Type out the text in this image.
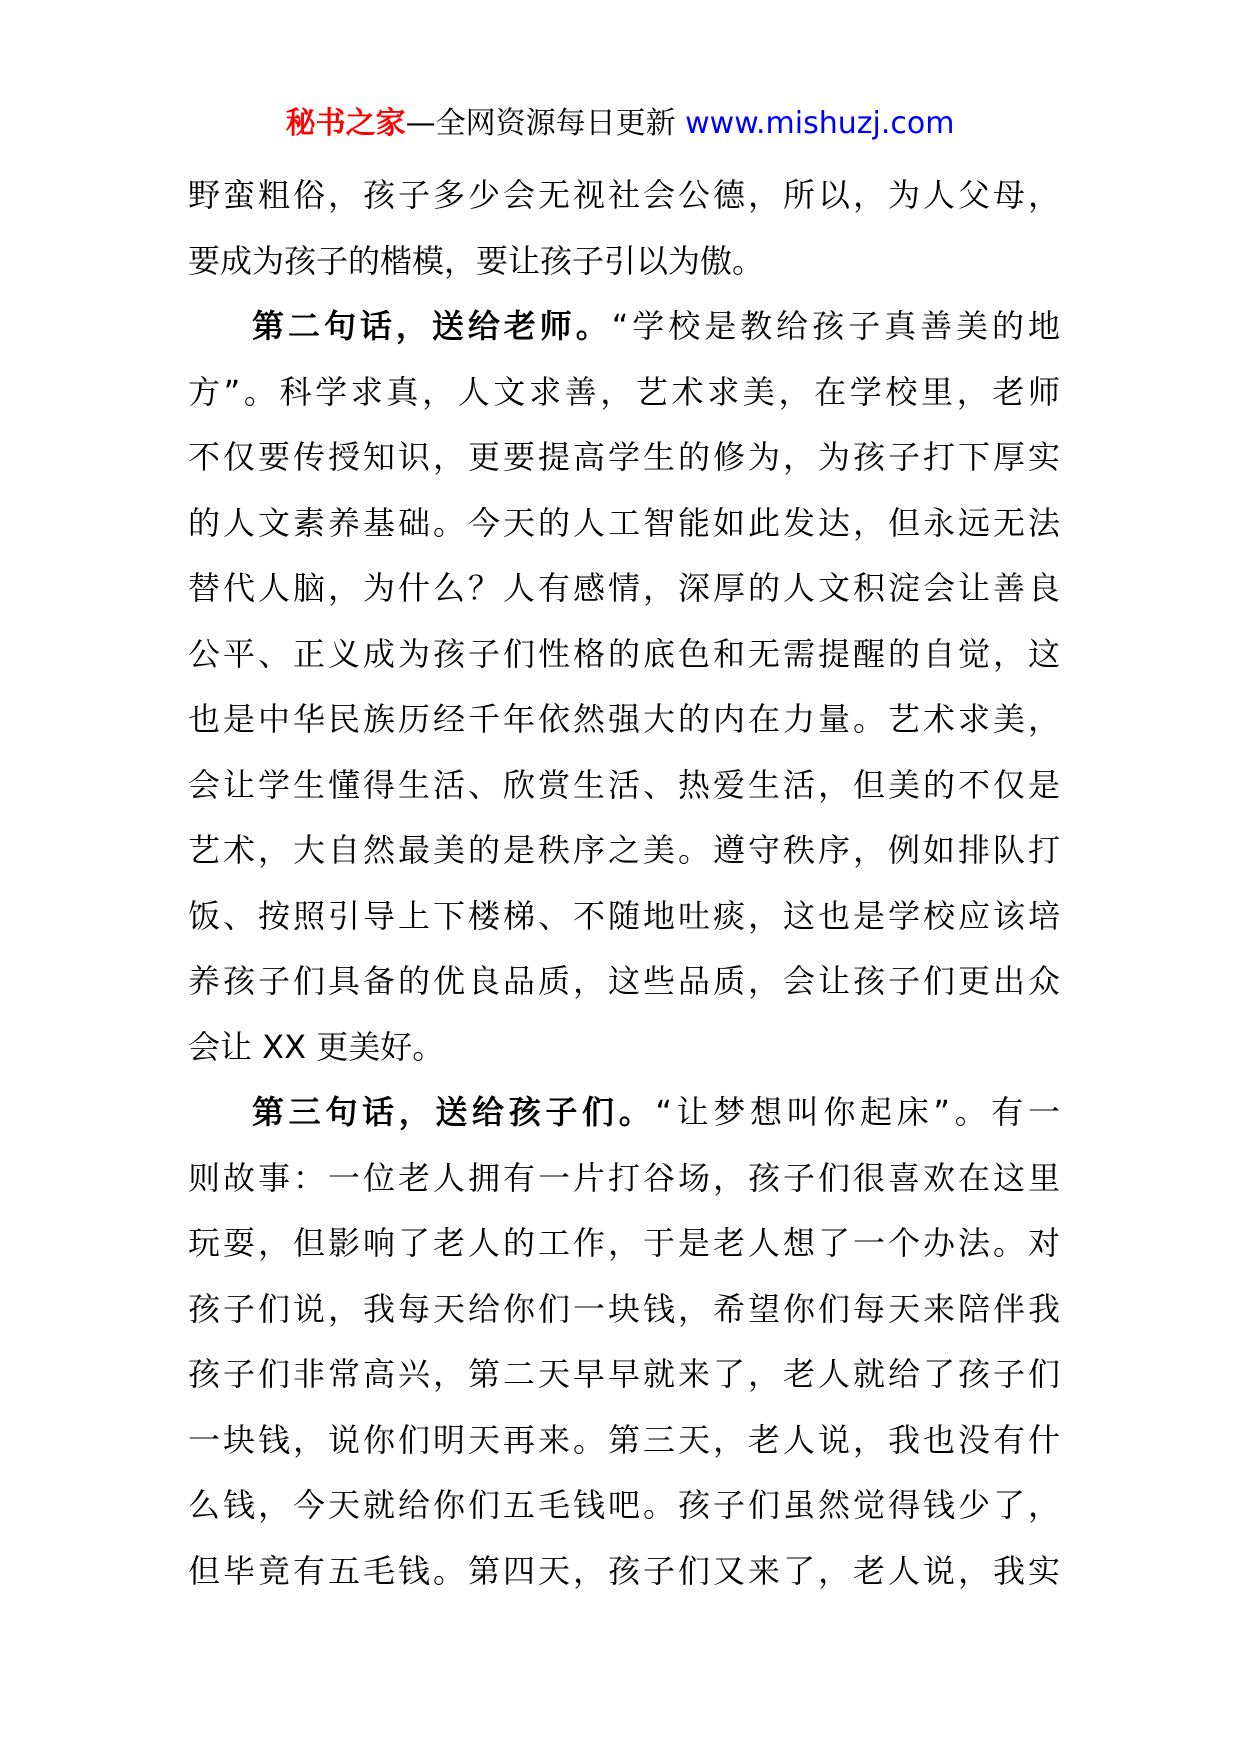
秘书之家—全网资源每日更新 www.mishuzj.com
野蛮粗俗，孩子多少会无视社会公德，所以，为人父母，
要成为孩子的楷模，要让孩子引以为傲。
第二句话，送给老师。“学校是教给孩子真善美的地
方”。科学求真，人文求善，艺术求美，在学校里，老师
不仅要传授知识，更要提高学生的修为，为孩子打下厚实
的人文素养基础。今天的人工智能如此发达，但永远无法
替代人脑，为什么？人有感情，深厚的人文积淀会让善良
公平、正义成为孩子们性格的底色和无需提醒的自觉，这
也是中华民族历经千年依然强大的内在力量。艺术求美，
会让学生懂得生活、欣赏生活、热爱生活，但美的不仅是
艺术，大自然最美的是秩序之美。遵守秩序，例如排队打
饭、按照引导上下楼梯、不随地吐痰，这也是学校应该培
养孩子们具备的优良品质，这些品质，会让孩子们更出众
会让 XX 更美好。
第三句话，送给孩子们。“让梦想叫你起床”。有一
则故事：一位老人拥有一片打谷场，孩子们很喜欢在这里
玩耍，但影响了老人的工作，于是老人想了一个办法。对
孩子们说，我每天给你们一块钱，希望你们每天来陪伴我
孩子们非常高兴，第二天早早就来了，老人就给了孩子们
一块钱，说你们明天再来。第三天，老人说，我也没有什
么钱，今天就给你们五毛钱吧。孩子们虽然觉得钱少了，
但毕竟有五毛钱。第四天，孩子们又来了，老人说，我实
